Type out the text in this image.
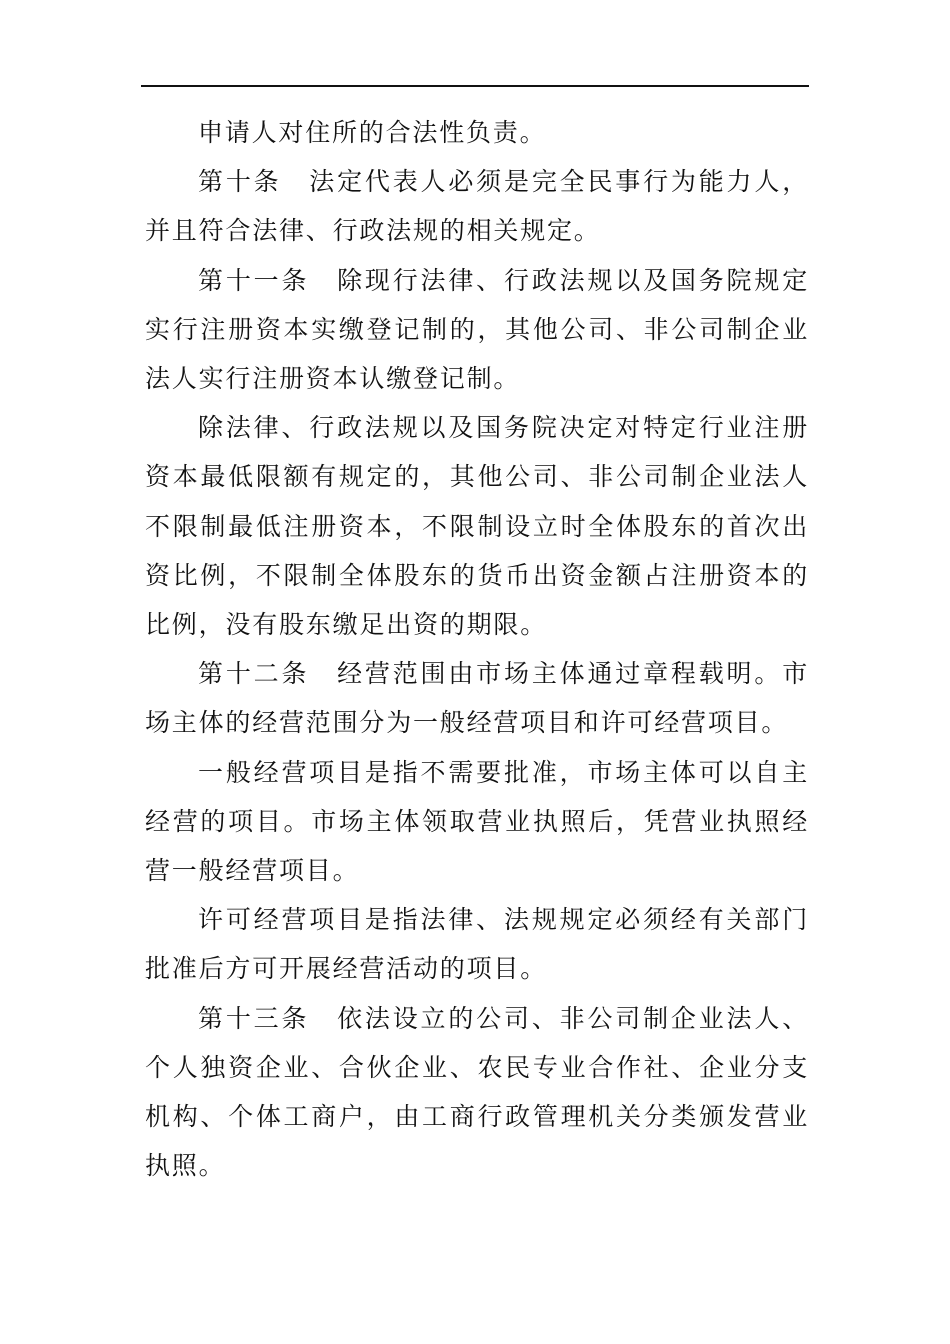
申请人对住所的合法性负责。

第十条　法定代表人必须是完全民事行为能力人，并且符合法律、行政法规的相关规定。

第十一条　除现行法律、行政法规以及国务院规定实行注册资本实缴登记制的，其他公司、非公司制企业法人实行注册资本认缴登记制。

除法律、行政法规以及国务院决定对特定行业注册资本最低限额有规定的，其他公司、非公司制企业法人不限制最低注册资本，不限制设立时全体股东的首次出资比例，不限制全体股东的货币出资金额占注册资本的比例，没有股东缴足出资的期限。

第十二条　经营范围由市场主体通过章程载明。市场主体的经营范围分为一般经营项目和许可经营项目。

一般经营项目是指不需要批准，市场主体可以自主经营的项目。市场主体领取营业执照后，凭营业执照经营一般经营项目。

许可经营项目是指法律、法规规定必须经有关部门批准后方可开展经营活动的项目。

第十三条　依法设立的公司、非公司制企业法人、个人独资企业、合伙企业、农民专业合作社、企业分支机构、个体工商户，由工商行政管理机关分类颁发营业执照。
